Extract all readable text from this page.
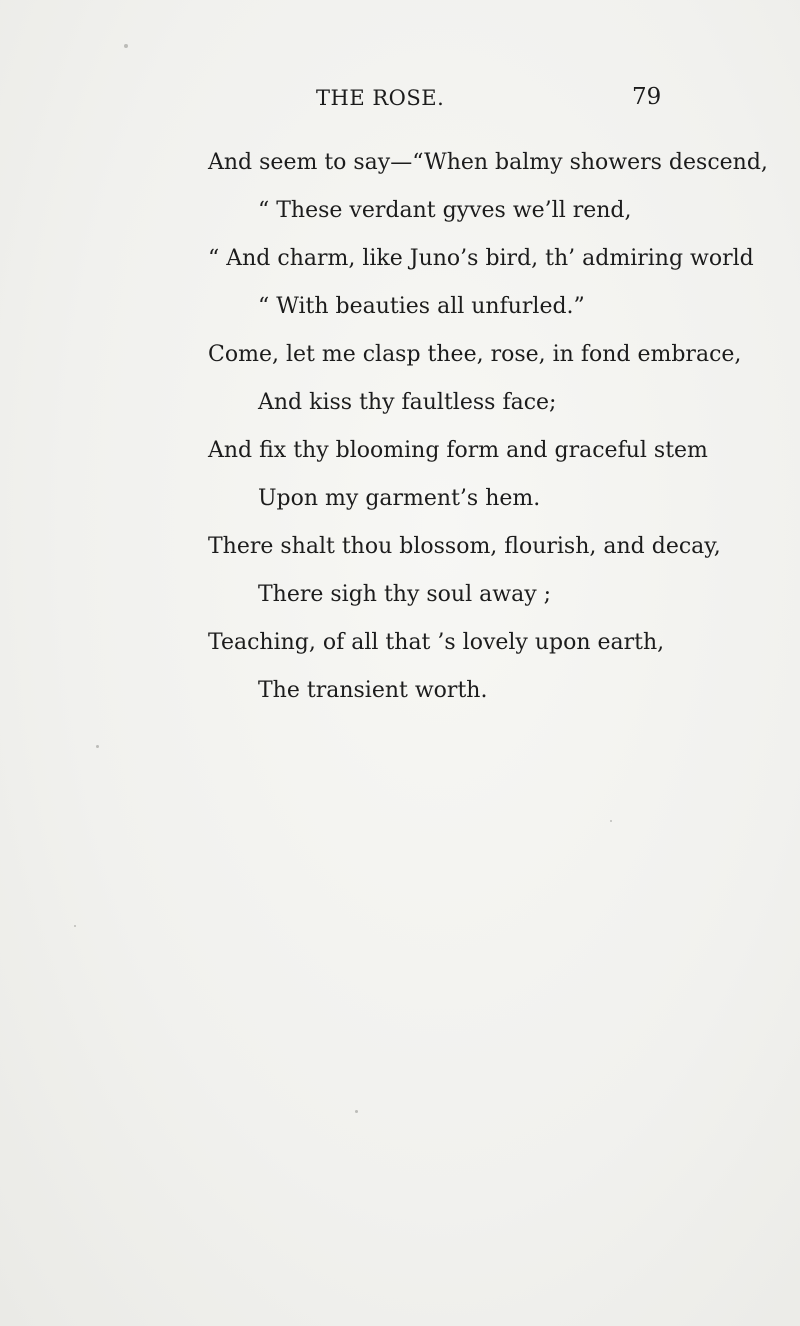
THE ROSE.	79
And seem to say—“When balmy showers descend,
“ These verdant gyves we’ll rend,
“ And charm, like Juno’s bird, th’ admiring world
“ With beauties all unfurled.”
Come, let me clasp thee, rose, in fond embrace,
And kiss thy faultless face;
And fix thy blooming form and graceful stem
Upon my garment’s hem.
There shalt thou blossom, flourish, and decay,
There sigh thy soul away ;
Teaching, of all that ’s lovely upon earth,
The transient worth.
